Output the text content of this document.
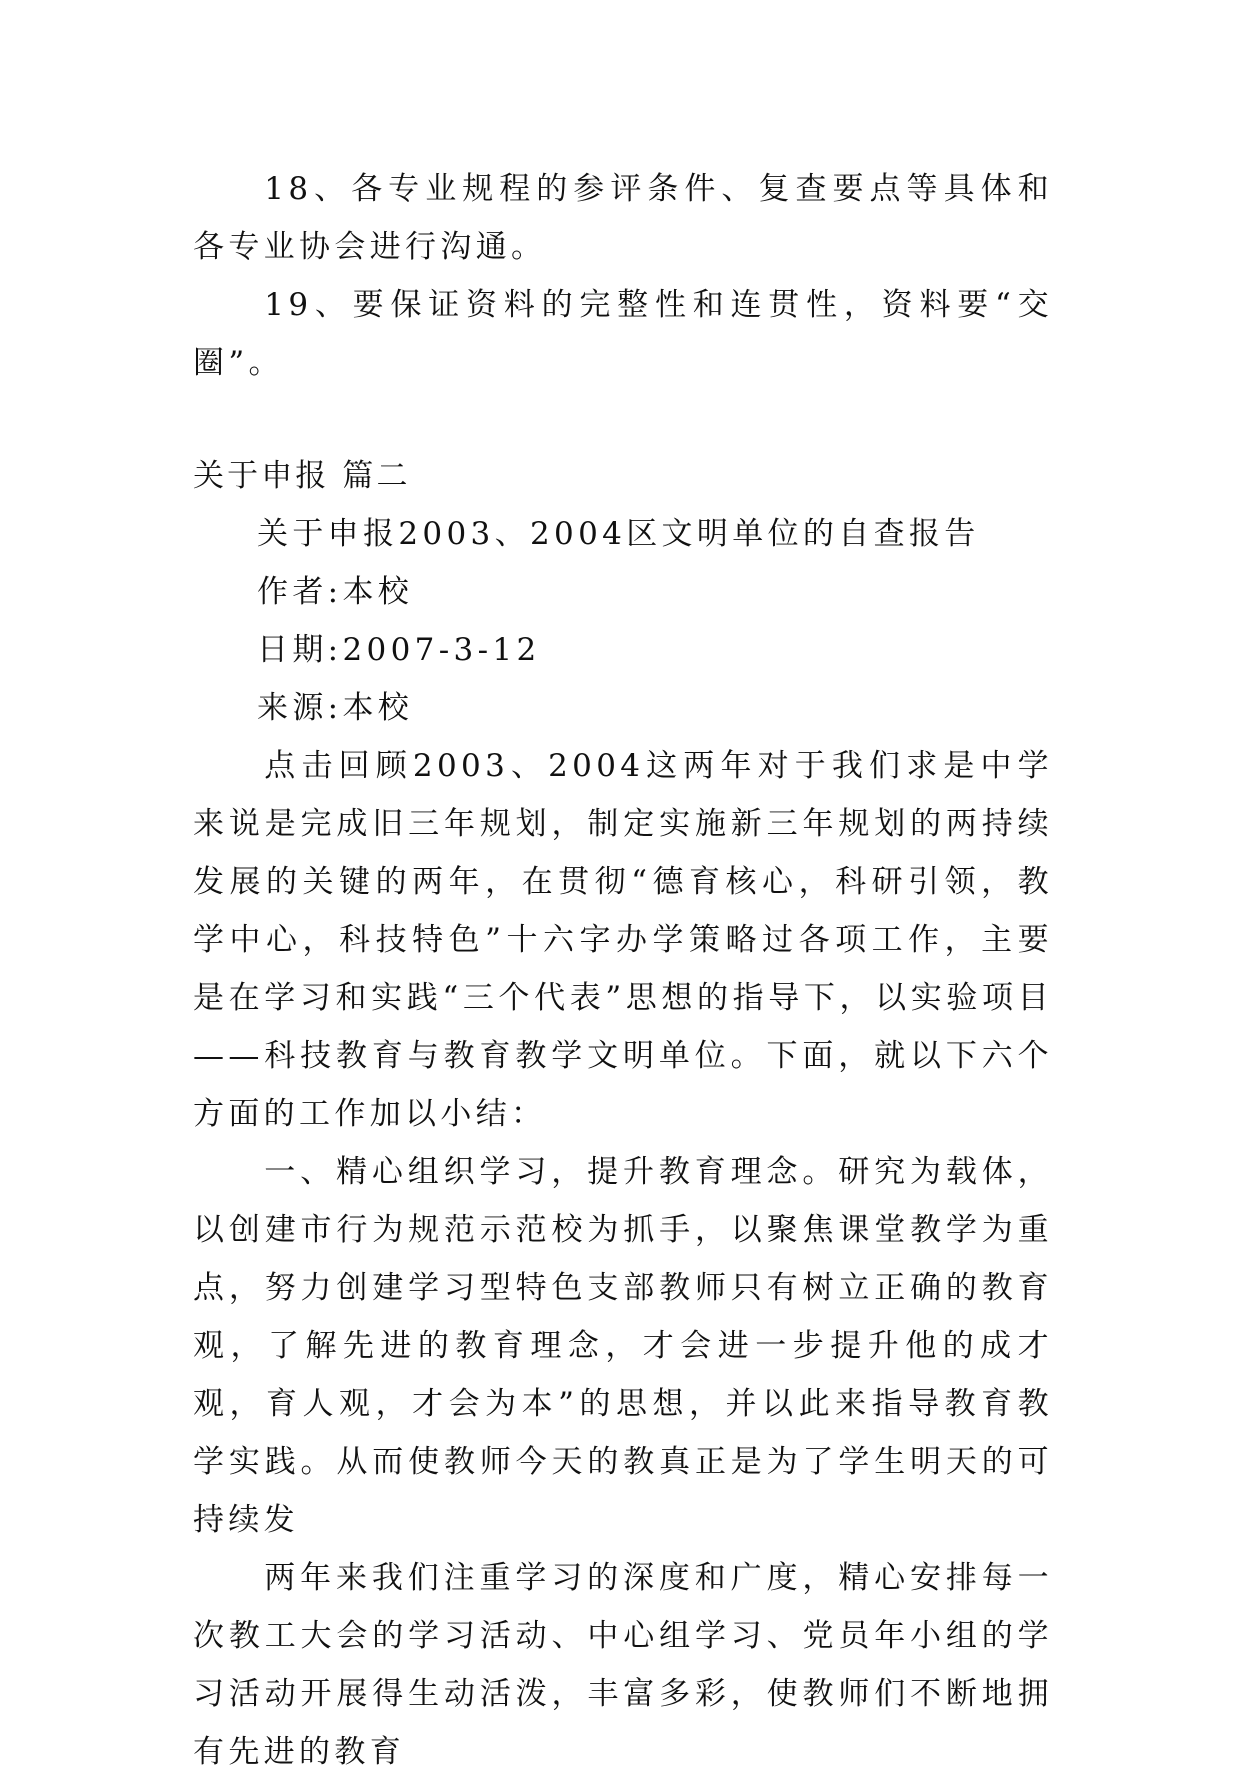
18、各专业规程的参评条件、复查要点等具体和各专业协会进行沟通。

19、要保证资料的完整性和连贯性，资料要“交圈”。

关于申报 篇二

关于申报2003、2004区文明单位的自查报告

作者:本校

日期:2007-3-12

来源:本校

点击回顾2003、2004这两年对于我们求是中学来说是完成旧三年规划，制定实施新三年规划的两持续发展的关键的两年，在贯彻“德育核心，科研引领，教学中心，科技特色”十六字办学策略过各项工作，主要是在学习和实践“三个代表”思想的指导下，以实验项目——科技教育与教育教学文明单位。下面，就以下六个方面的工作加以小结：

一、精心组织学习，提升教育理念。研究为载体，以创建市行为规范示范校为抓手，以聚焦课堂教学为重点，努力创建学习型特色支部教师只有树立正确的教育观，了解先进的教育理念，才会进一步提升他的成才观，育人观，才会为本”的思想，并以此来指导教育教学实践。从而使教师今天的教真正是为了学生明天的可持续发

两年来我们注重学习的深度和广度，精心安排每一次教工大会的学习活动、中心组学习、党员年小组的学习活动开展得生动活泼，丰富多彩，使教师们不断地拥有先进的教育
